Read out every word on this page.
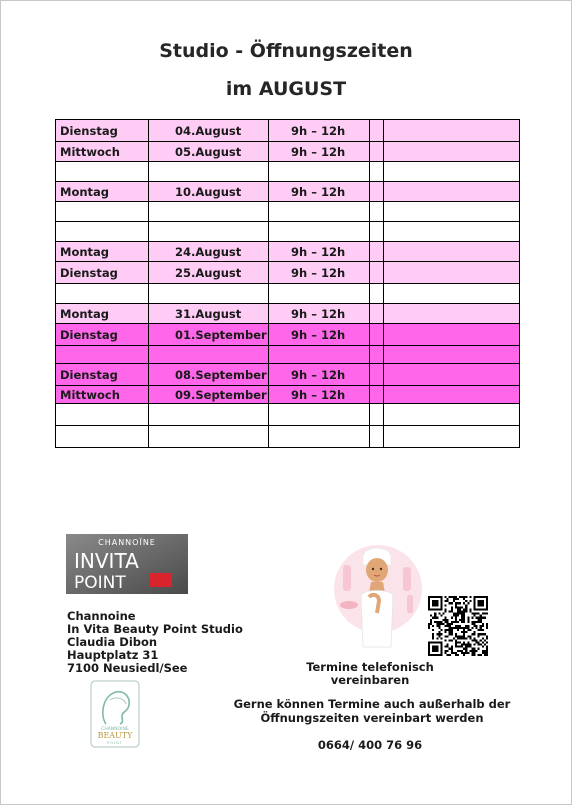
Studio - Öffnungszeiten
im AUGUST
Dienstag	04.August	9h – 12h		
Mittwoch	05.August	9h – 12h		

Montag	10.August	9h – 12h		

Montag	24.August	9h – 12h		
Dienstag	25.August	9h – 12h		

Montag	31.August	9h – 12h		
Dienstag	01.September	9h – 12h		

Dienstag	08.September	9h – 12h		
Mittwoch	09.September	9h – 12h		

CHANNOÏNE
INVITA
POINT
Channoine
In Vita Beauty Point Studio
Claudia Dibon
Hauptplatz 31
7100 Neusiedl/See
CHANNOINE
BEAUTY
POINT
Termine telefonisch
vereinbaren
Gerne können Termine auch außerhalb der
Öffnungszeiten vereinbart werden
0664/ 400 76 96
